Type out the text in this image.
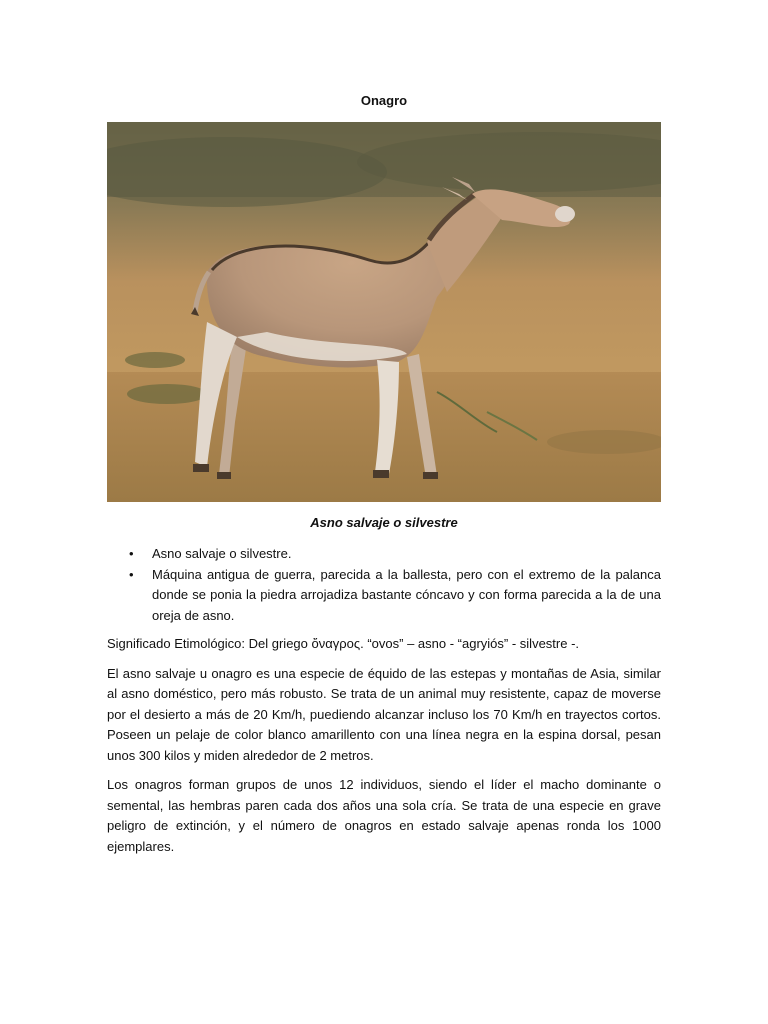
Onagro
Asno salvaje o silvestre
• Asno salvaje o silvestre.
• Máquina antigua de guerra, parecida a la ballesta, pero con el extremo de la palanca donde se ponia la piedra arrojadiza bastante cóncavo y con forma parecida a la de una oreja de asno.

Significado Etimológico: Del griego ὄναγρος. “ovos” – asno - “agryiós” - silvestre -.

El asno salvaje u onagro es una especie de équido de las estepas y montañas de Asia, similar al asno doméstico, pero más robusto. Se trata de un animal muy resistente, capaz de moverse por el desierto a más de 20 Km/h, puediendo alcanzar incluso los 70 Km/h en trayectos cortos. Poseen un pelaje de color blanco amarillento con una línea negra en la espina dorsal, pesan unos 300 kilos y miden alrededor de 2 metros.

Los onagros forman grupos de unos 12 individuos, siendo el líder el macho dominante o semental, las hembras paren cada dos años una sola cría. Se trata de una especie en grave peligro de extinción, y el número de onagros en estado salvaje apenas ronda los 1000 ejemplares.
